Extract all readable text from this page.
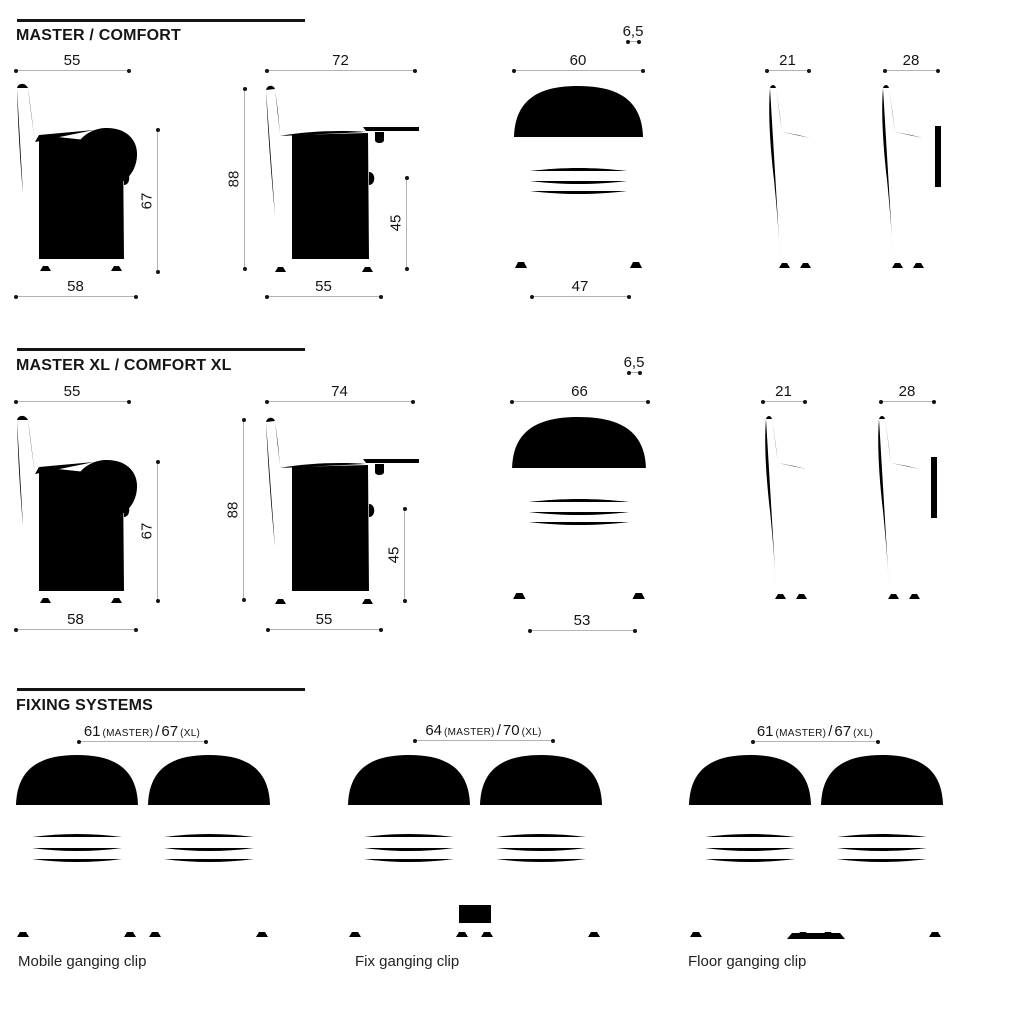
MASTER / COMFORT
55
67
58
72
88
45
55
6,5
60
47
21	28
MASTER XL / COMFORT XL
55
67
58
74
88
45
55
6,5
66
53
21	28
FIXING SYSTEMS
61 (MASTER) / 67 (XL)
Mobile ganging clip
64 (MASTER) / 70 (XL)
Fix ganging clip
61 (MASTER) / 67 (XL)
Floor ganging clip
